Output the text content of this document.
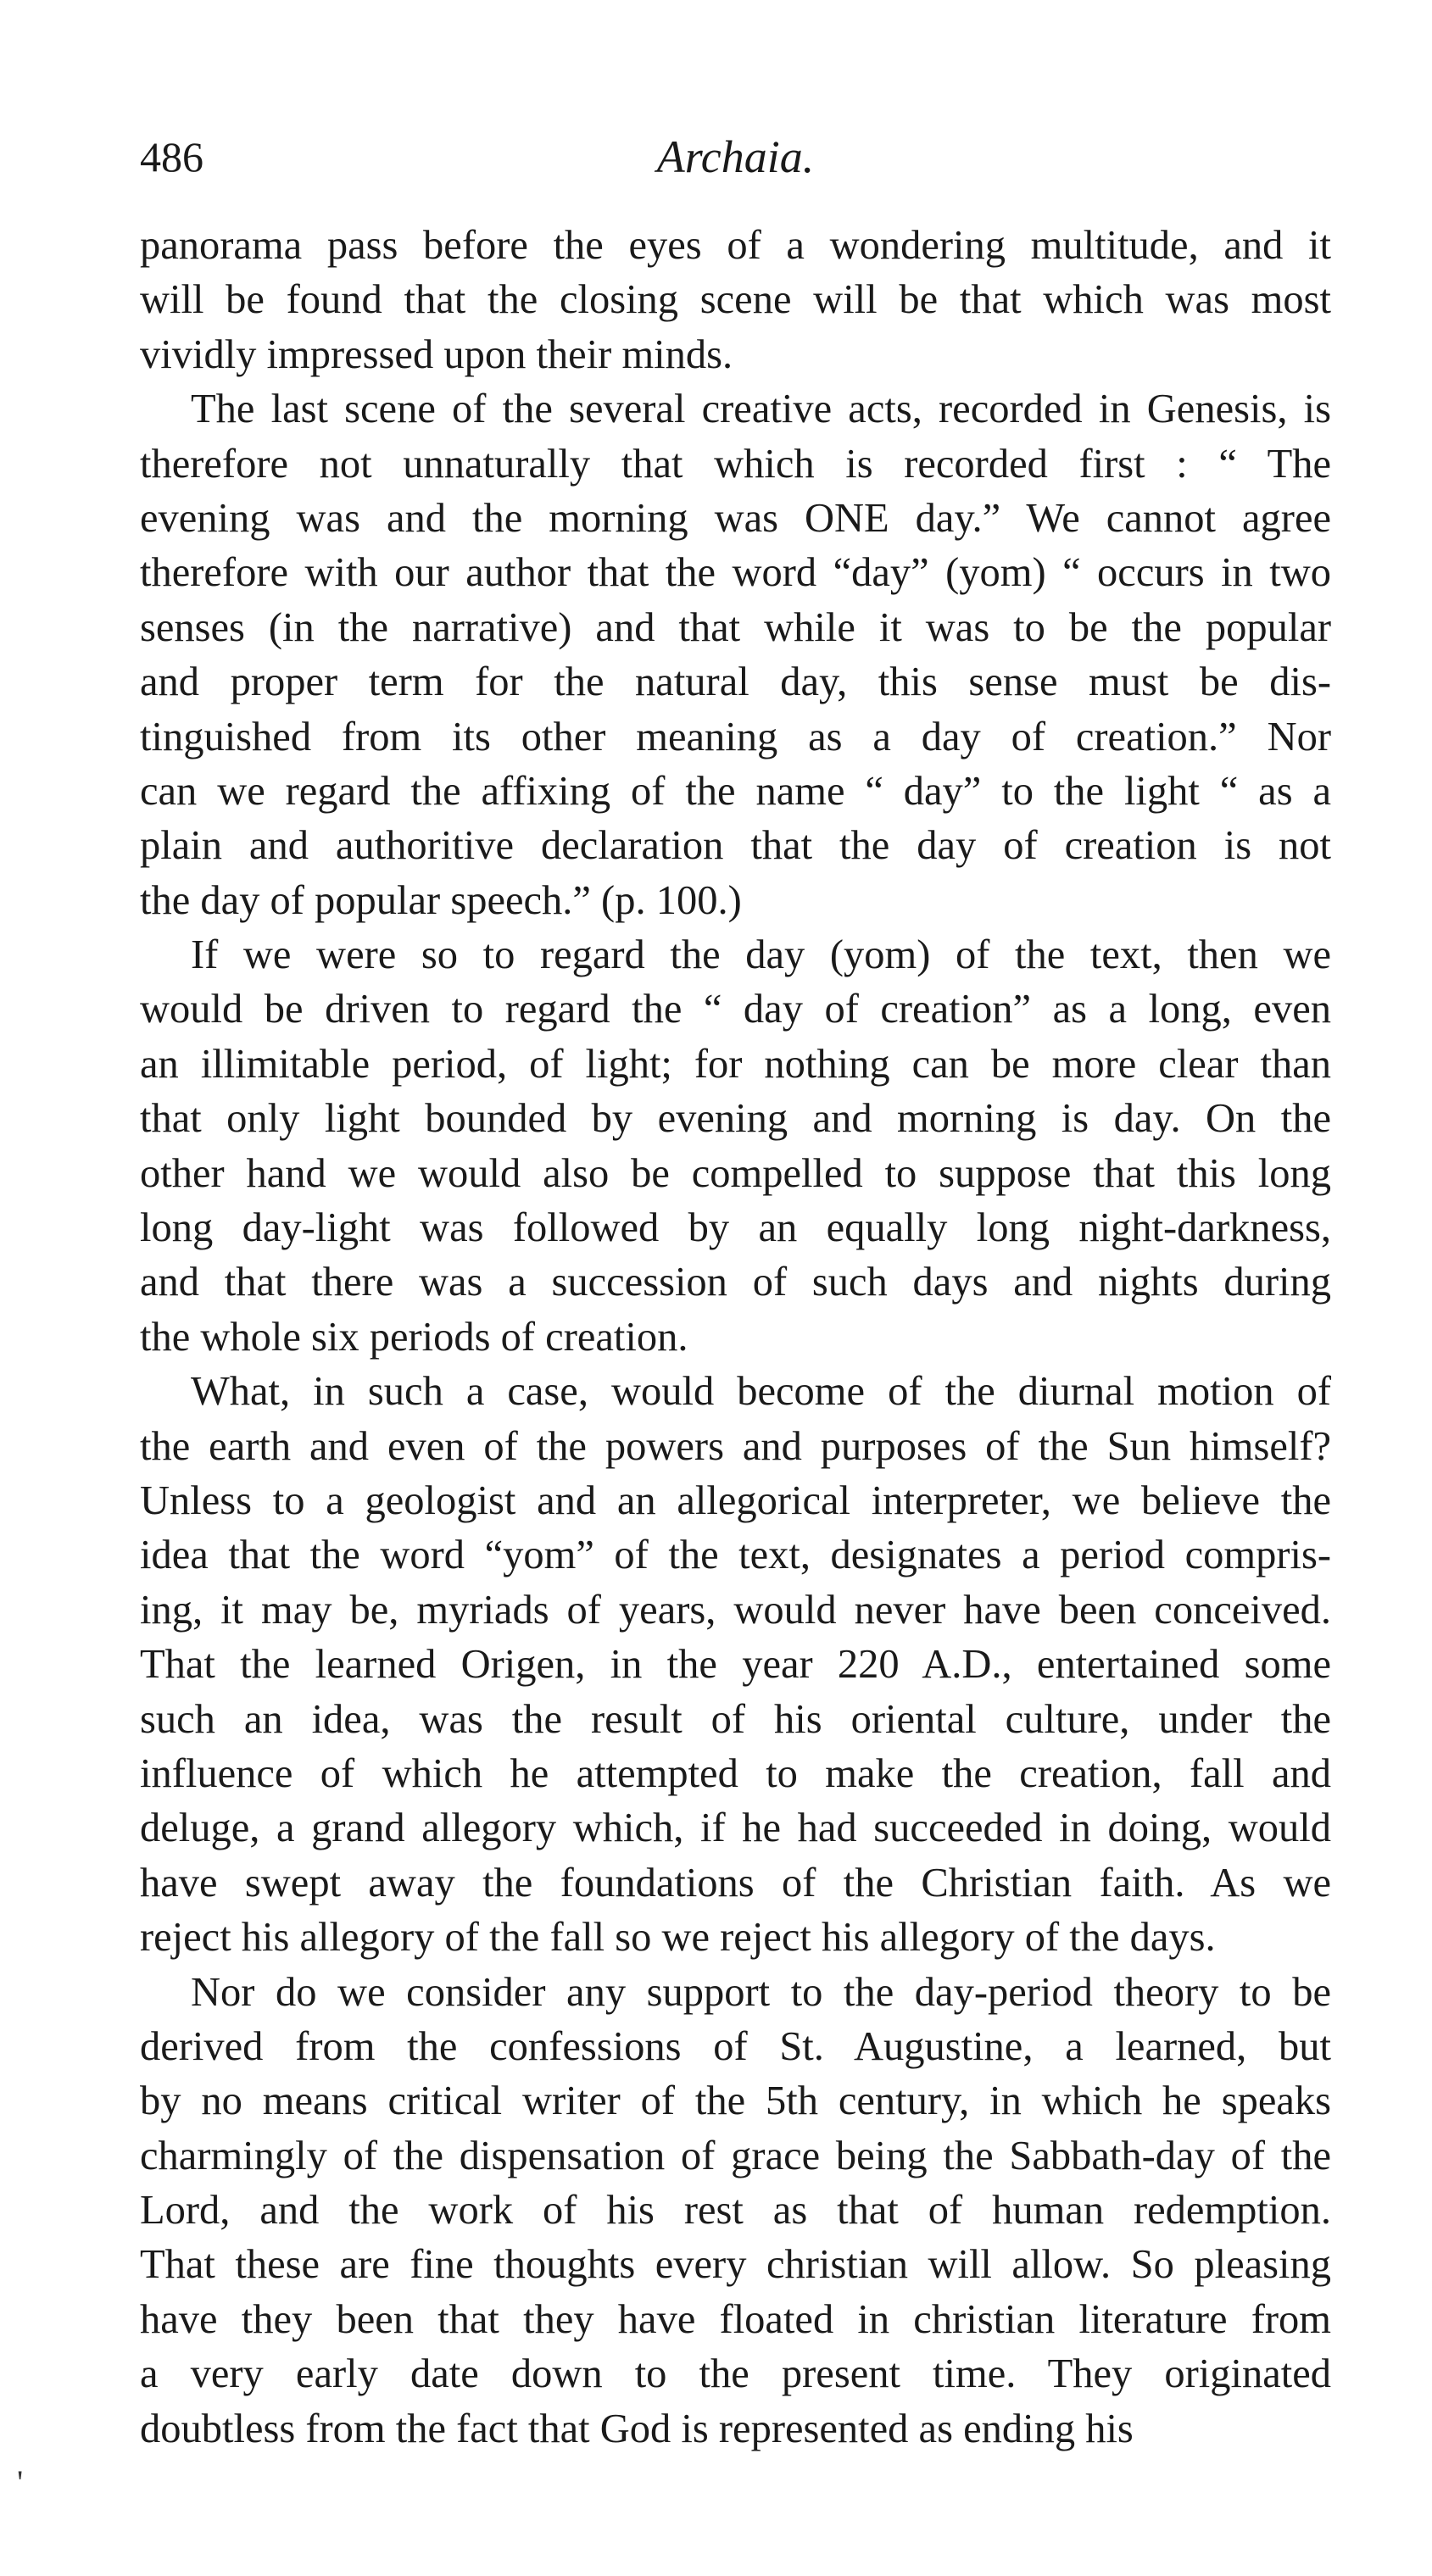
486	Archaia.
panorama pass before the eyes of a wondering multitude, and it
will be found that the closing scene will be that which was most
vividly impressed upon their minds.
The last scene of the several creative acts, recorded in Genesis, is
therefore not unnaturally that which is recorded first : “ The
evening was and the morning was ONE day.” We cannot agree
therefore with our author that the word “day” (yom) “ occurs in two
senses (in the narrative) and that while it was to be the popular
and proper term for the natural day, this sense must be dis-
tinguished from its other meaning as a day of creation.” Nor
can we regard the affixing of the name “ day” to the light “ as a
plain and authoritive declaration that the day of creation is not
the day of popular speech.” (p. 100.)
If we were so to regard the day (yom) of the text, then we
would be driven to regard the “ day of creation” as a long, even
an illimitable period, of light; for nothing can be more clear than
that only light bounded by evening and morning is day. On the
other hand we would also be compelled to suppose that this long
long day-light was followed by an equally long night-darkness,
and that there was a succession of such days and nights during
the whole six periods of creation.
What, in such a case, would become of the diurnal motion of
the earth and even of the powers and purposes of the Sun himself?
Unless to a geologist and an allegorical interpreter, we believe the
idea that the word “yom” of the text, designates a period compris-
ing, it may be, myriads of years, would never have been conceived.
That the learned Origen, in the year 220 A.D., entertained some
such an idea, was the result of his oriental culture, under the
influence of which he attempted to make the creation, fall and
deluge, a grand allegory which, if he had succeeded in doing, would
have swept away the foundations of the Christian faith. As we
reject his allegory of the fall so we reject his allegory of the days.
Nor do we consider any support to the day-period theory to be
derived from the confessions of St. Augustine, a learned, but
by no means critical writer of the 5th century, in which he speaks
charmingly of the dispensation of grace being the Sabbath-day of the
Lord, and the work of his rest as that of human redemption.
That these are fine thoughts every christian will allow. So pleasing
have they been that they have floated in christian literature from
a very early date down to the present time. They originated
doubtless from the fact that God is represented as ending his
'
